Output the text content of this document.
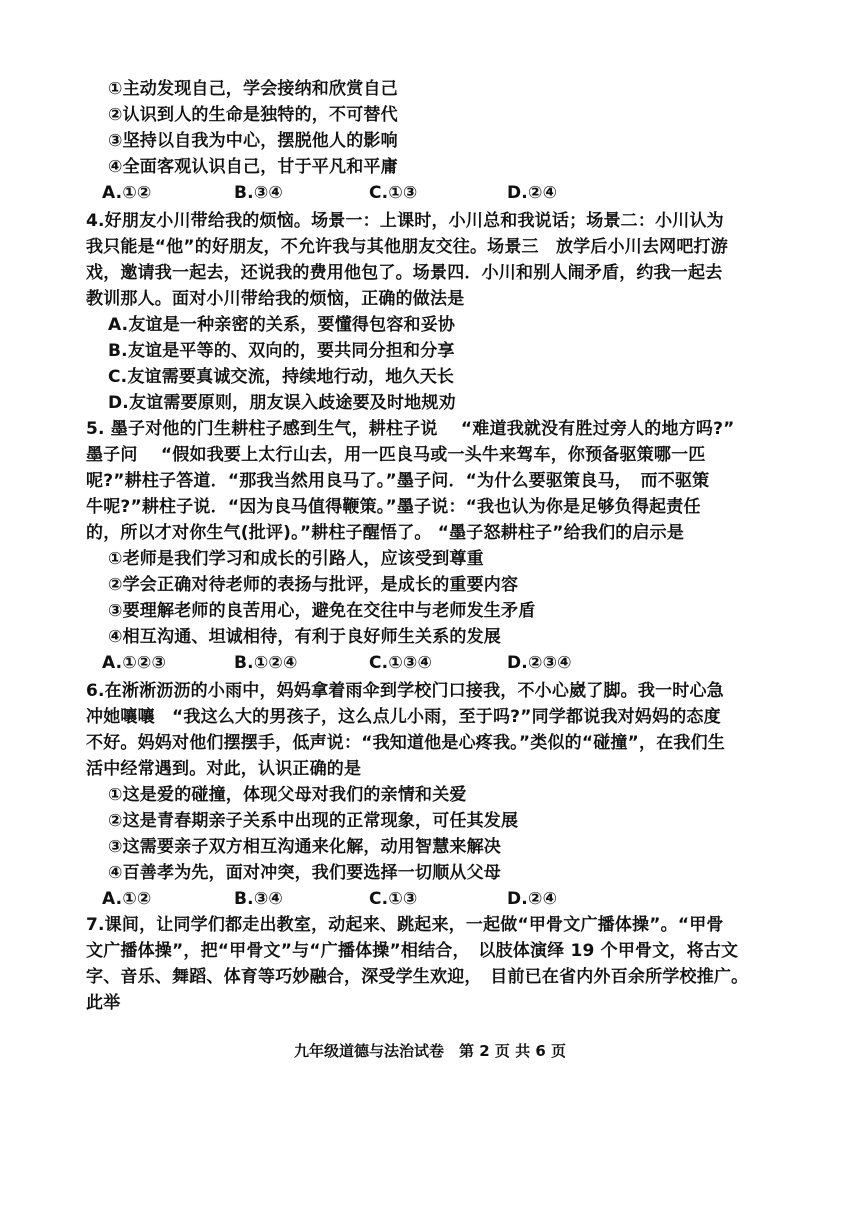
①主动发现自己，学会接纳和欣赏自己
②认识到人的生命是独特的，不可替代
③坚持以自我为中心，摆脱他人的影响
④全面客观认识自己，甘于平凡和平庸
A.①②	B.③④	C.①③	D.②④
4.好朋友小川带给我的烦恼。场景一：上课时，小川总和我说话；场景二：小川认为
我只能是“他”的好朋友，不允许我与其他朋友交往。场景三　放学后小川去网吧打游
戏，邀请我一起去，还说我的费用他包了。场景四．小川和别人闹矛盾，约我一起去
教训那人。面对小川带给我的烦恼，正确的做法是
A.友谊是一种亲密的关系，要懂得包容和妥协
B.友谊是平等的、双向的，要共同分担和分享
C.友谊需要真诚交流，持续地行动，地久天长
D.友谊需要原则，朋友误入歧途要及时地规劝
5. 墨子对他的门生耕柱子感到生气，耕柱子说　 “难道我就没有胜过旁人的地方吗?”
墨子问　 “假如我要上太行山去，用一匹良马或一头牛来驾车，你预备驱策哪一匹
呢?”耕柱子答道．“那我当然用良马了。”墨子问．“为什么要驱策良马，　而不驱策
牛呢?”耕柱子说．“因为良马值得鞭策。”墨子说：“我也认为你是足够负得起责任
的，所以才对你生气(批评)。”耕柱子醒悟了。 “墨子怒耕柱子”给我们的启示是
①老师是我们学习和成长的引路人，应该受到尊重
②学会正确对待老师的表扬与批评，是成长的重要内容
③要理解老师的良苦用心，避免在交往中与老师发生矛盾
④相互沟通、坦诚相待，有利于良好师生关系的发展
A.①②③	B.①②④	C.①③④	D.②③④
6.在淅淅沥沥的小雨中，妈妈拿着雨伞到学校门口接我，不小心崴了脚。我一时心急
冲她嚷嚷　“我这么大的男孩子，这么点儿小雨，至于吗?”同学都说我对妈妈的态度
不好。妈妈对他们摆摆手，低声说：“我知道他是心疼我。”类似的“碰撞”，在我们生
活中经常遇到。对此，认识正确的是
①这是爱的碰撞，体现父母对我们的亲情和关爱
②这是青春期亲子关系中出现的正常现象，可任其发展
③这需要亲子双方相互沟通来化解，动用智慧来解决
④百善孝为先，面对冲突，我们要选择一切顺从父母
A.①②	B.③④	C.①③	D.②④
7.课间，让同学们都走出教室，动起来、跳起来，一起做“甲骨文广播体操”。“甲骨
文广播体操”，把“甲骨文”与“广播体操”相结合，　以肢体演绎 19 个甲骨文，将古文
字、音乐、舞蹈、体育等巧妙融合，深受学生欢迎，　目前已在省内外百余所学校推广。
此举
九年级道德与法治试卷　第 2 页 共 6 页
